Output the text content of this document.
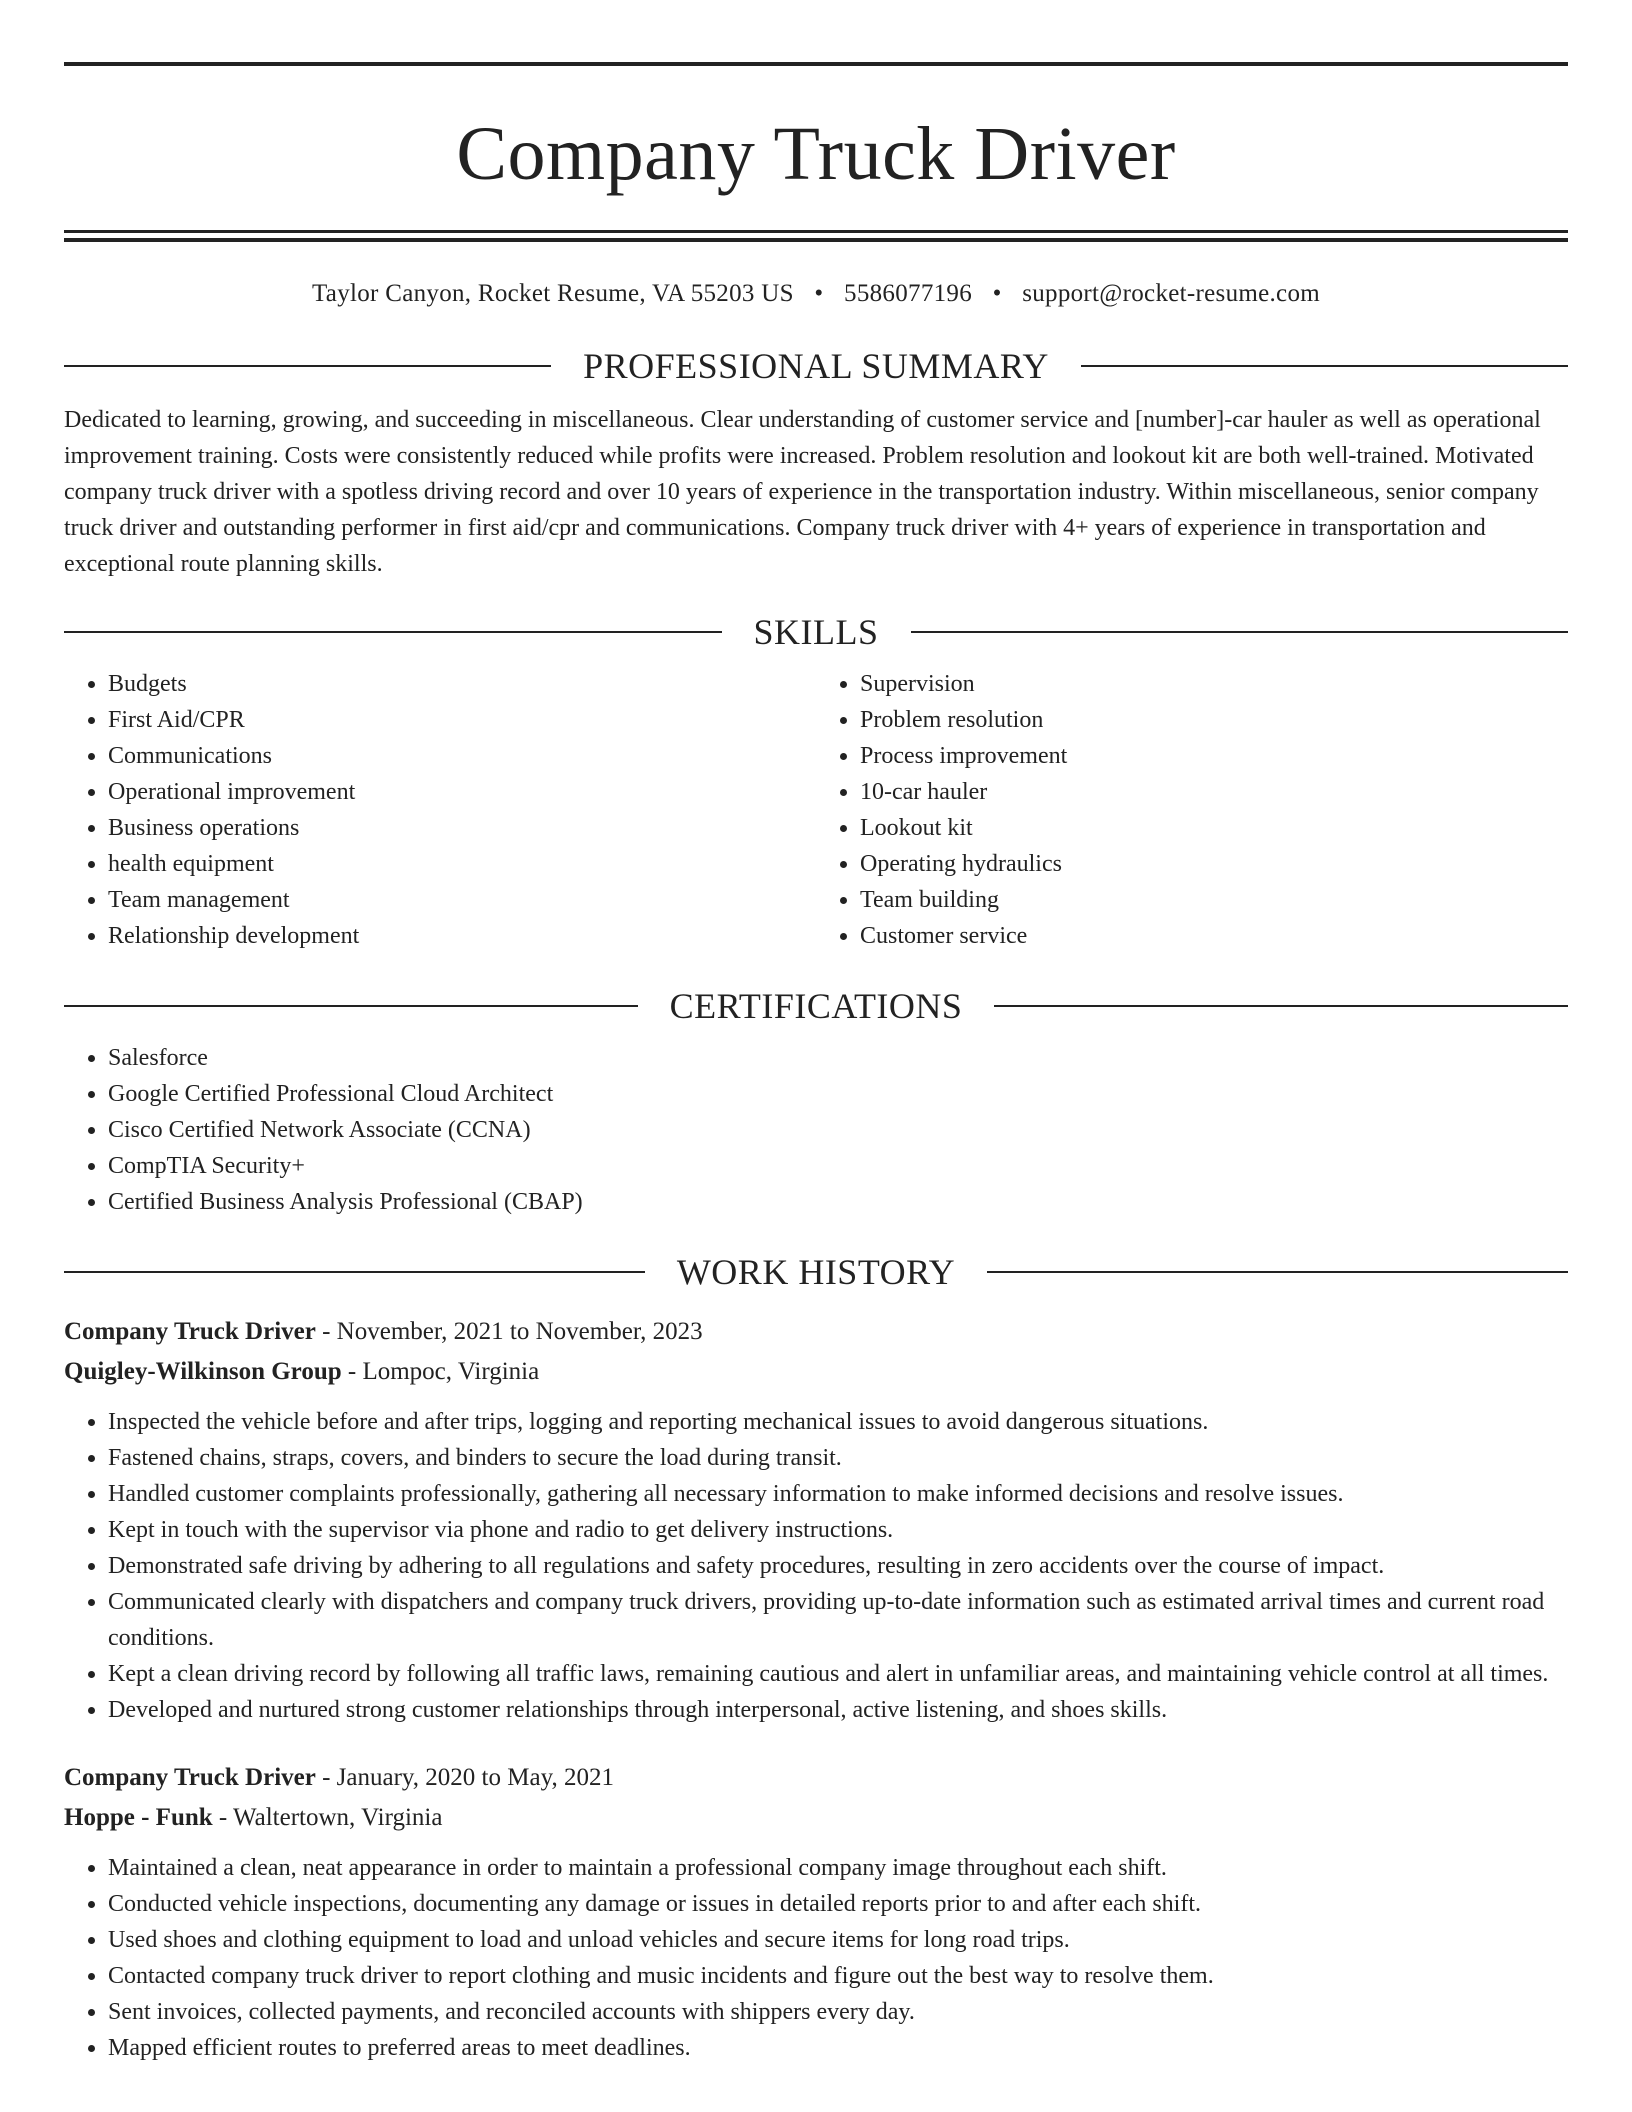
Company Truck Driver
Taylor Canyon, Rocket Resume, VA 55203 US • 5586077196 • support@rocket-resume.com
PROFESSIONAL SUMMARY
Dedicated to learning, growing, and succeeding in miscellaneous. Clear understanding of customer service and [number]-car hauler as well as operational improvement training. Costs were consistently reduced while profits were increased. Problem resolution and lookout kit are both well-trained. Motivated company truck driver with a spotless driving record and over 10 years of experience in the transportation industry. Within miscellaneous, senior company truck driver and outstanding performer in first aid/cpr and communications. Company truck driver with 4+ years of experience in transportation and exceptional route planning skills.
SKILLS
• Budgets
• First Aid/CPR
• Communications
• Operational improvement
• Business operations
• health equipment
• Team management
• Relationship development
• Supervision
• Problem resolution
• Process improvement
• 10-car hauler
• Lookout kit
• Operating hydraulics
• Team building
• Customer service
CERTIFICATIONS
• Salesforce
• Google Certified Professional Cloud Architect
• Cisco Certified Network Associate (CCNA)
• CompTIA Security+
• Certified Business Analysis Professional (CBAP)
WORK HISTORY
Company Truck Driver - November, 2021 to November, 2023
Quigley-Wilkinson Group - Lompoc, Virginia
• Inspected the vehicle before and after trips, logging and reporting mechanical issues to avoid dangerous situations.
• Fastened chains, straps, covers, and binders to secure the load during transit.
• Handled customer complaints professionally, gathering all necessary information to make informed decisions and resolve issues.
• Kept in touch with the supervisor via phone and radio to get delivery instructions.
• Demonstrated safe driving by adhering to all regulations and safety procedures, resulting in zero accidents over the course of impact.
• Communicated clearly with dispatchers and company truck drivers, providing up-to-date information such as estimated arrival times and current road conditions.
• Kept a clean driving record by following all traffic laws, remaining cautious and alert in unfamiliar areas, and maintaining vehicle control at all times.
• Developed and nurtured strong customer relationships through interpersonal, active listening, and shoes skills.
Company Truck Driver - January, 2020 to May, 2021
Hoppe - Funk - Waltertown, Virginia
• Maintained a clean, neat appearance in order to maintain a professional company image throughout each shift.
• Conducted vehicle inspections, documenting any damage or issues in detailed reports prior to and after each shift.
• Used shoes and clothing equipment to load and unload vehicles and secure items for long road trips.
• Contacted company truck driver to report clothing and music incidents and figure out the best way to resolve them.
• Sent invoices, collected payments, and reconciled accounts with shippers every day.
• Mapped efficient routes to preferred areas to meet deadlines.
